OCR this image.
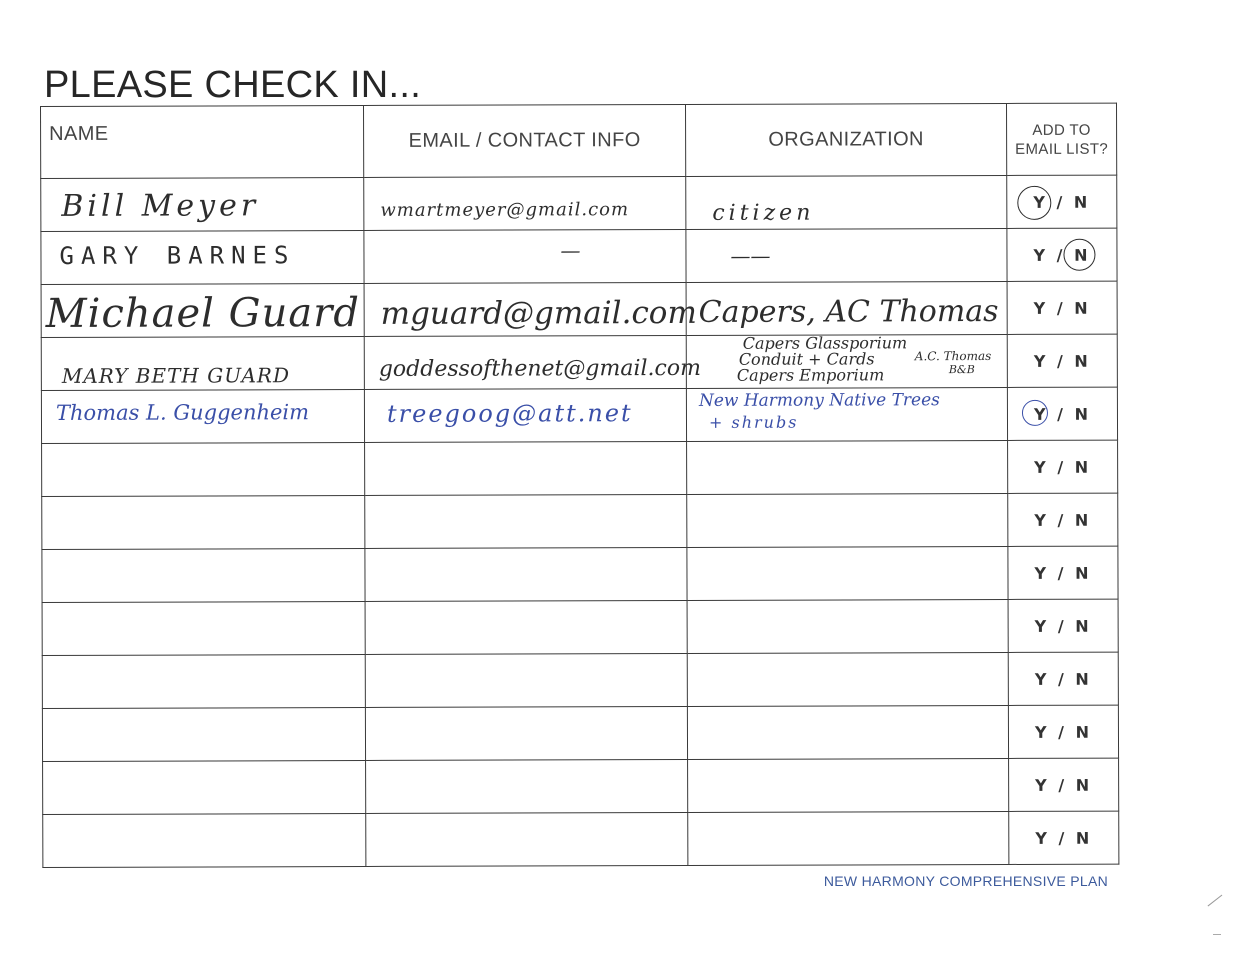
PLEASE CHECK IN...
NAME	EMAIL / CONTACT INFO	ORGANIZATION	ADD TO
EMAIL LIST?

Bill Meyer	wmartmeyer@gmail.com	citizen	Y / N

GARY BARNES	—	——	Y / N

Michael Guard	mguard@gmail.com	Capers, AC Thomas	Y / N

MARY BETH GUARD	goddessofthenet@gmail.com	Capers Glassporium
Conduit + Cards
Capers Emporium
A.C. Thomas
B&B	Y / N

Thomas L. Guggenheim	treegoog@att.net	New Harmony Native Trees
+ shrubs	Y / N

			Y / N
			Y / N
			Y / N
			Y / N
			Y / N
			Y / N
			Y / N
			Y / N
NEW HARMONY COMPREHENSIVE PLAN
